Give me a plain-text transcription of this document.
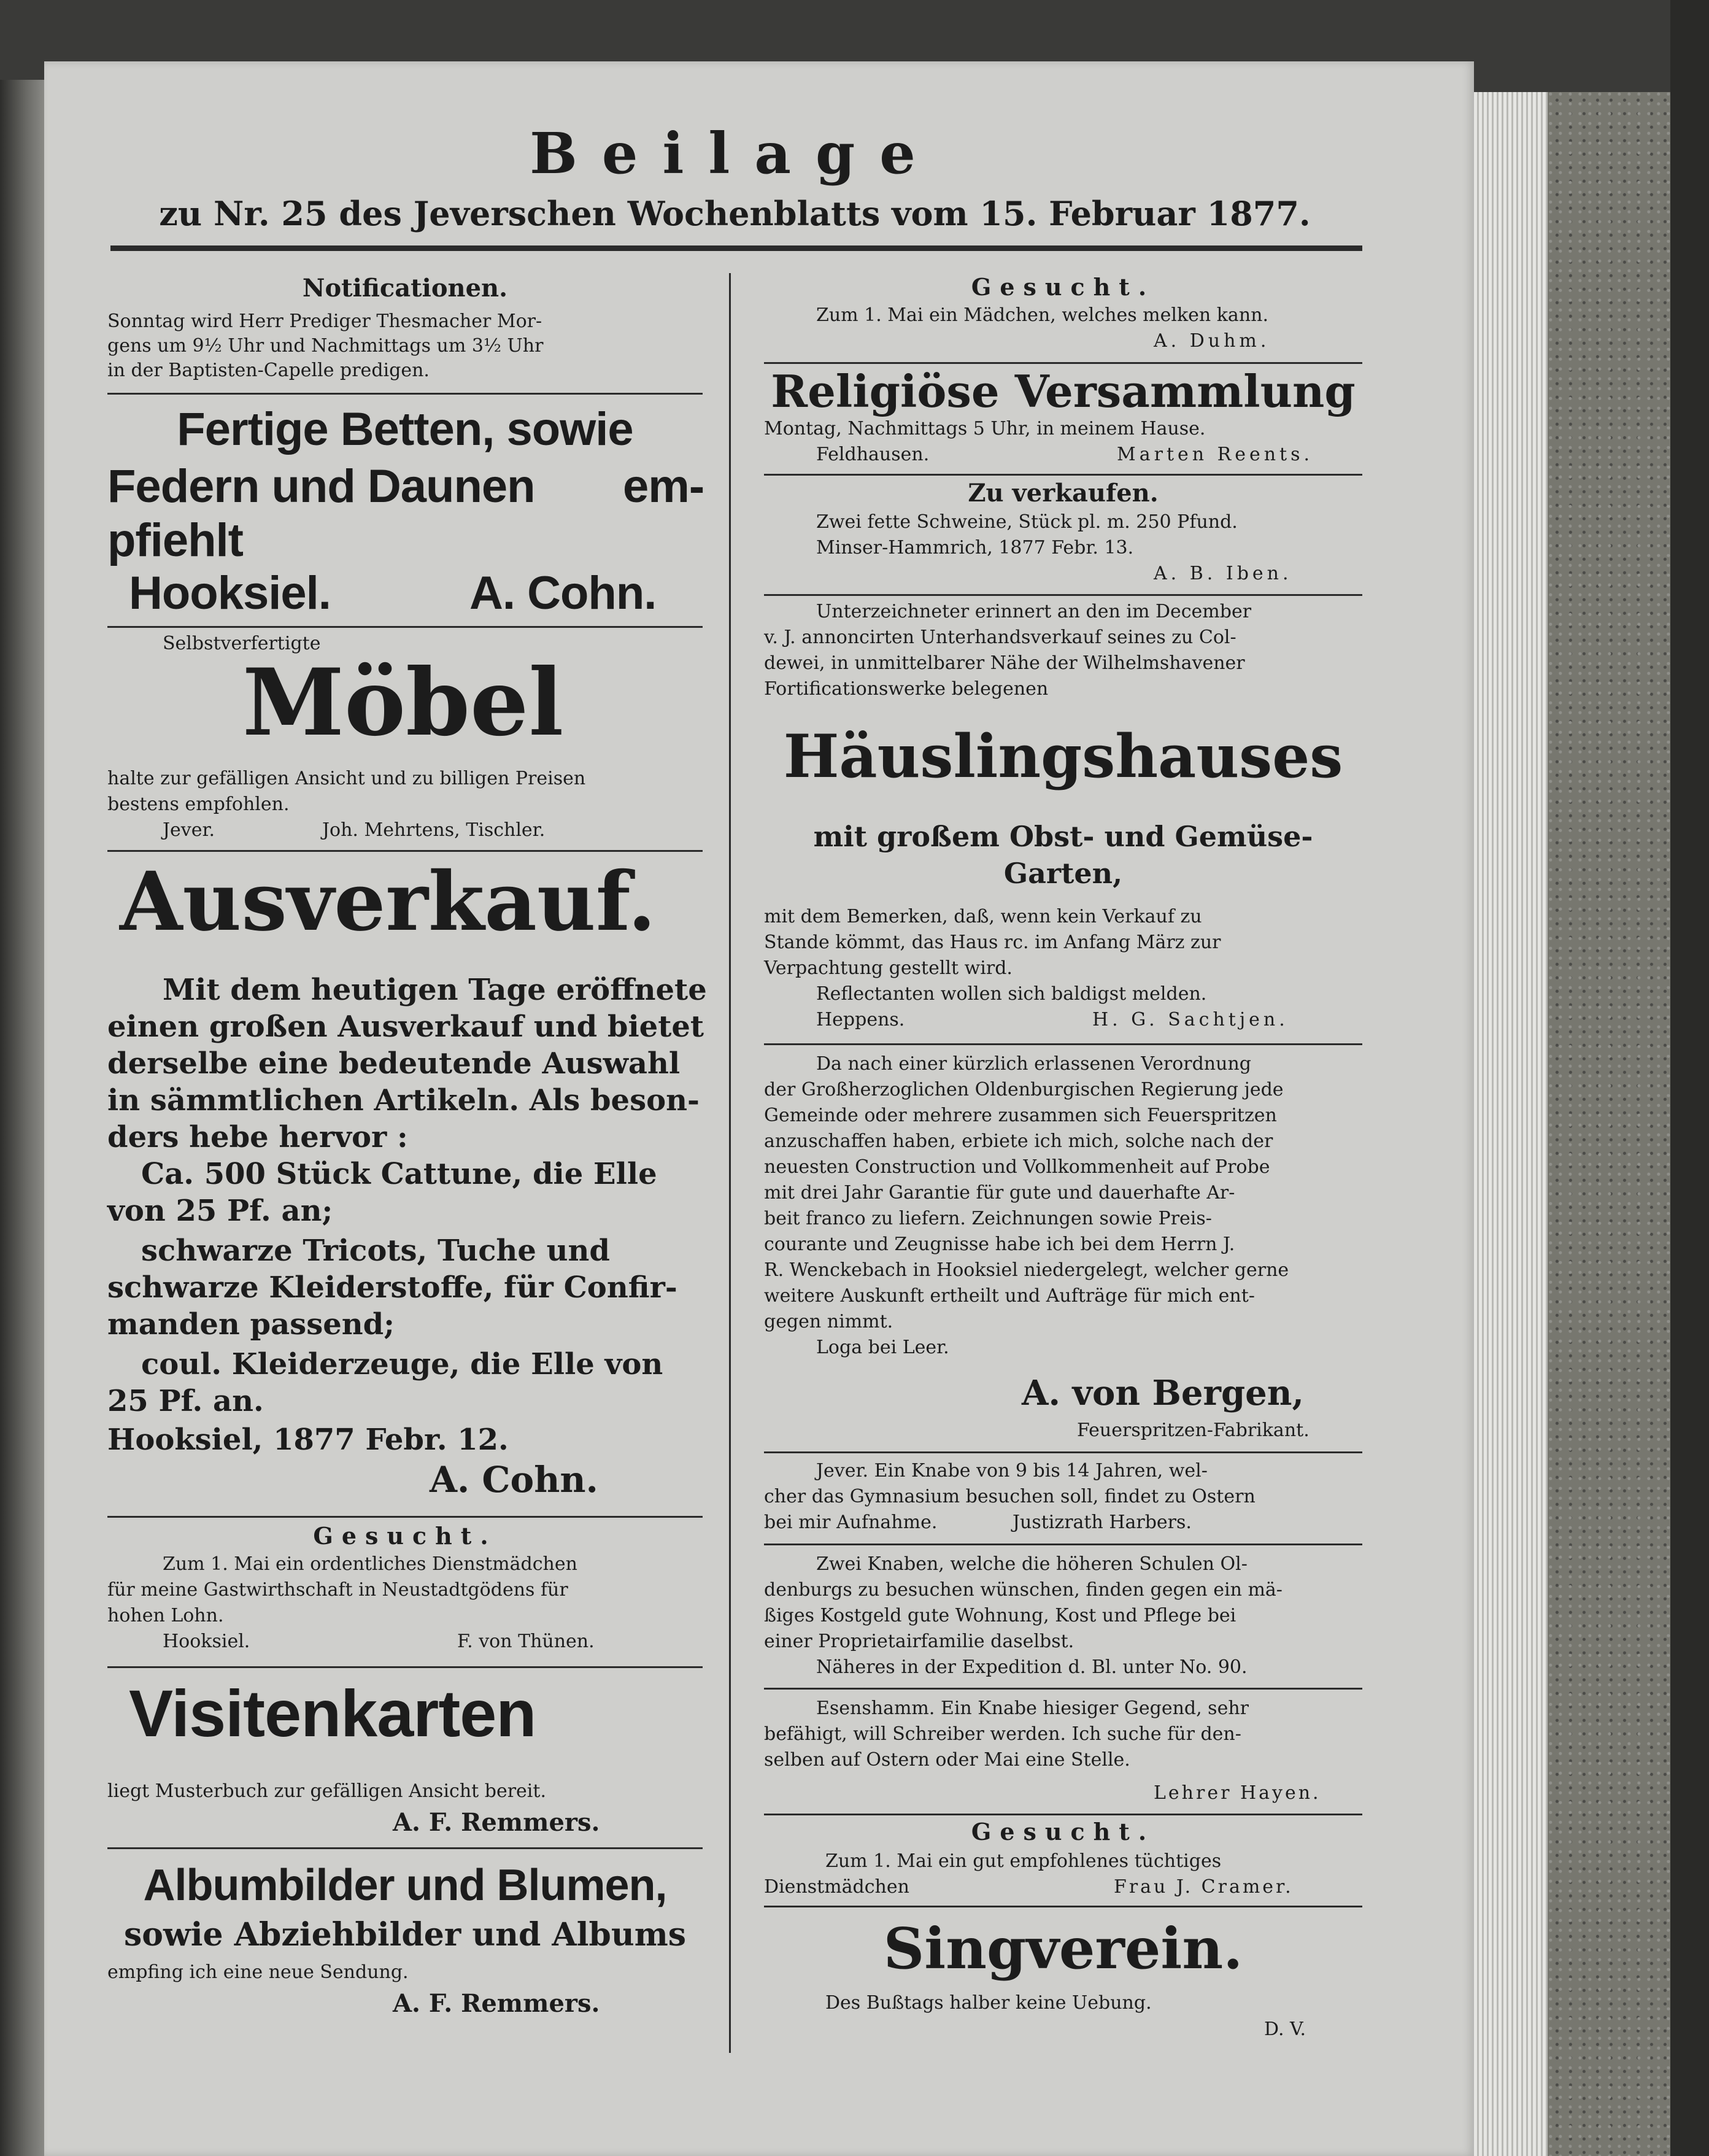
Beilage
zu Nr. 25 des Jeverschen Wochenblatts vom 15. Februar 1877.
Notificationen.
Sonntag wird Herr Prediger Thesmacher Mor-
gens um 9½ Uhr und Nachmittags um 3½ Uhr
in der Baptisten-Capelle predigen.
Fertige Betten, sowie
Federn und Daunen em-
pfiehlt
Hooksiel.	A. Cohn.
Selbstverfertigte
Möbel
halte zur gefälligen Ansicht und zu billigen Preisen
bestens empfohlen.
Jever.	Joh. Mehrtens, Tischler.
Ausverkauf.
Mit dem heutigen Tage eröffnete
einen großen Ausverkauf und bietet
derselbe eine bedeutende Auswahl
in sämmtlichen Artikeln. Als beson-
ders hebe hervor :
Ca. 500 Stück Cattune, die Elle
von 25 Pf. an;
schwarze Tricots, Tuche und
schwarze Kleiderstoffe, für Confir-
manden passend;
coul. Kleiderzeuge, die Elle von
25 Pf. an.
Hooksiel, 1877 Febr. 12.
A. Cohn.
Gesucht.
Zum 1. Mai ein ordentliches Dienstmädchen
für meine Gastwirthschaft in Neustadtgödens für
hohen Lohn.
Hooksiel.	F. von Thünen.
Visitenkarten
liegt Musterbuch zur gefälligen Ansicht bereit.
A. F. Remmers.
Albumbilder und Blumen,
sowie Abziehbilder und Albums
empfing ich eine neue Sendung.
A. F. Remmers.
Gesucht.
Zum 1. Mai ein Mädchen, welches melken kann.
A. Duhm.
Religiöse Versammlung
Montag, Nachmittags 5 Uhr, in meinem Hause.
Feldhausen.	Marten Reents.
Zu verkaufen.
Zwei fette Schweine, Stück pl. m. 250 Pfund.
Minser-Hammrich, 1877 Febr. 13.
A. B. Iben.
Unterzeichneter erinnert an den im December
v. J. annoncirten Unterhandsverkauf seines zu Col-
dewei, in unmittelbarer Nähe der Wilhelmshavener
Fortificationswerke belegenen
Häuslingshauses
mit großem Obst- und Gemüse-
Garten,
mit dem Bemerken, daß, wenn kein Verkauf zu
Stande kömmt, das Haus rc. im Anfang März zur
Verpachtung gestellt wird.
Reflectanten wollen sich baldigst melden.
Heppens.	H. G. Sachtjen.
Da nach einer kürzlich erlassenen Verordnung
der Großherzoglichen Oldenburgischen Regierung jede
Gemeinde oder mehrere zusammen sich Feuerspritzen
anzuschaffen haben, erbiete ich mich, solche nach der
neuesten Construction und Vollkommenheit auf Probe
mit drei Jahr Garantie für gute und dauerhafte Ar-
beit franco zu liefern. Zeichnungen sowie Preis-
courante und Zeugnisse habe ich bei dem Herrn J.
R. Wenckebach in Hooksiel niedergelegt, welcher gerne
weitere Auskunft ertheilt und Aufträge für mich ent-
gegen nimmt.
Loga bei Leer.
A. von Bergen,
Feuerspritzen-Fabrikant.
Jever. Ein Knabe von 9 bis 14 Jahren, wel-
cher das Gymnasium besuchen soll, findet zu Ostern
bei mir Aufnahme.	Justizrath Harbers.
Zwei Knaben, welche die höheren Schulen Ol-
denburgs zu besuchen wünschen, finden gegen ein mä-
ßiges Kostgeld gute Wohnung, Kost und Pflege bei
einer Proprietairfamilie daselbst.
Näheres in der Expedition d. Bl. unter No. 90.
Esenshamm. Ein Knabe hiesiger Gegend, sehr
befähigt, will Schreiber werden. Ich suche für den-
selben auf Ostern oder Mai eine Stelle.
Lehrer Hayen.
Gesucht.
Zum 1. Mai ein gut empfohlenes tüchtiges
Dienstmädchen	Frau J. Cramer.
Singverein.
Des Bußtags halber keine Uebung.
D. V.
